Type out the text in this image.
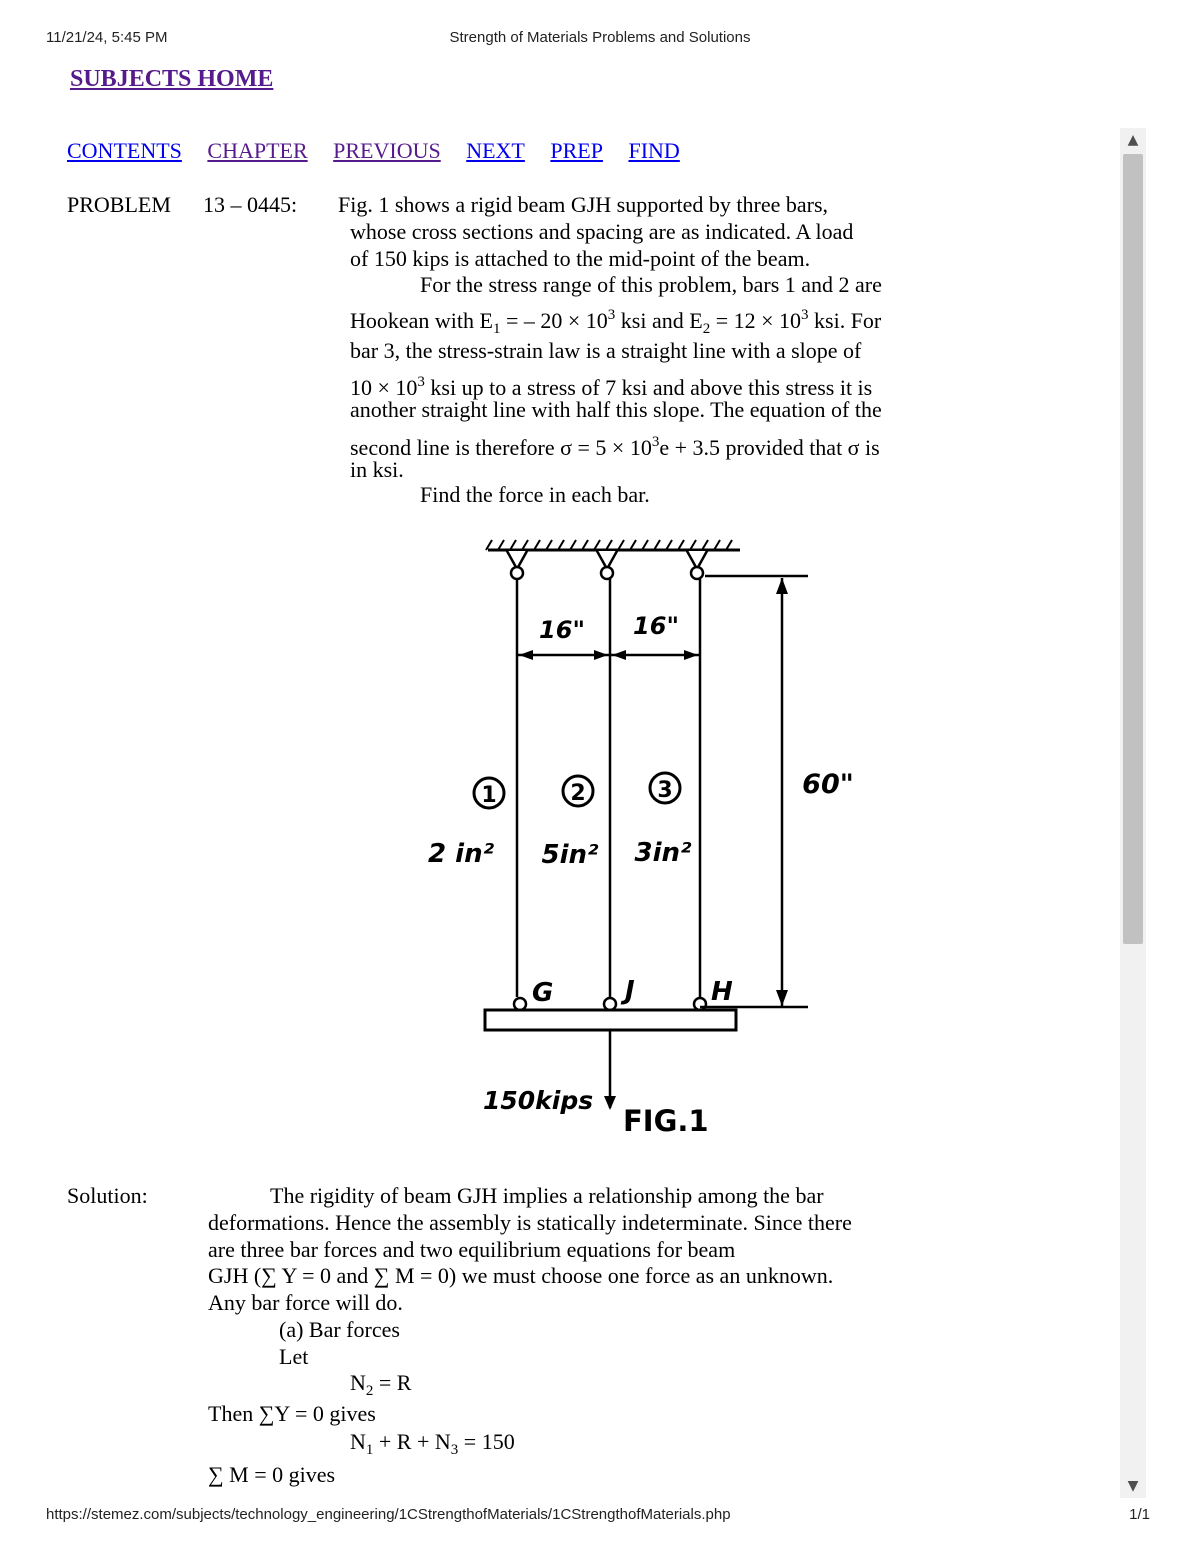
11/21/24, 5:45 PM	Strength of Materials Problems and Solutions
SUBJECTS HOME
CONTENTS CHAPTER PREVIOUS NEXT PREP FIND
PROBLEM 13 – 0445: Fig. 1 shows a rigid beam GJH supported by three bars,
whose cross sections and spacing are as indicated. A load
of 150 kips is attached to the mid-point of the beam.
For the stress range of this problem, bars 1 and 2 are
Hookean with $E_1$ = – $20 \times 10^3$ ksi and $E_2 = 12 \times 10^3$ ksi. For
bar 3, the stress-strain law is a straight line with a slope of
$10 \times 10^3$ ksi up to a stress of 7 ksi and above this stress it is
another straight line with half this slope. The equation of the
second line is therefore $\sigma = 5 \times 10^3e + 3.5$ provided that σ is
in ksi.
Find the force in each bar.
16" 16"
60"
1	2	3
2 in² 5in² 3in²
G	J	H
150kips
FIG.1
Solution:	The rigidity of beam GJH implies a relationship among the bar
deformations. Hence the assembly is statically indeterminate. Since there
are three bar forces and two equilibrium equations for beam
GJH (∑ Y = 0 and ∑ M = 0) we must choose one force as an unknown.
Any bar force will do.
(a) Bar forces
Let
$N_2 = R$
Then ∑Y = 0 gives
$N_1 + R + N_3 = 150$
∑ M = 0 gives
▲
▼
https://stemez.com/subjects/technology_engineering/1CStrengthofMaterials/1CStrengthofMaterials.php	1/1
